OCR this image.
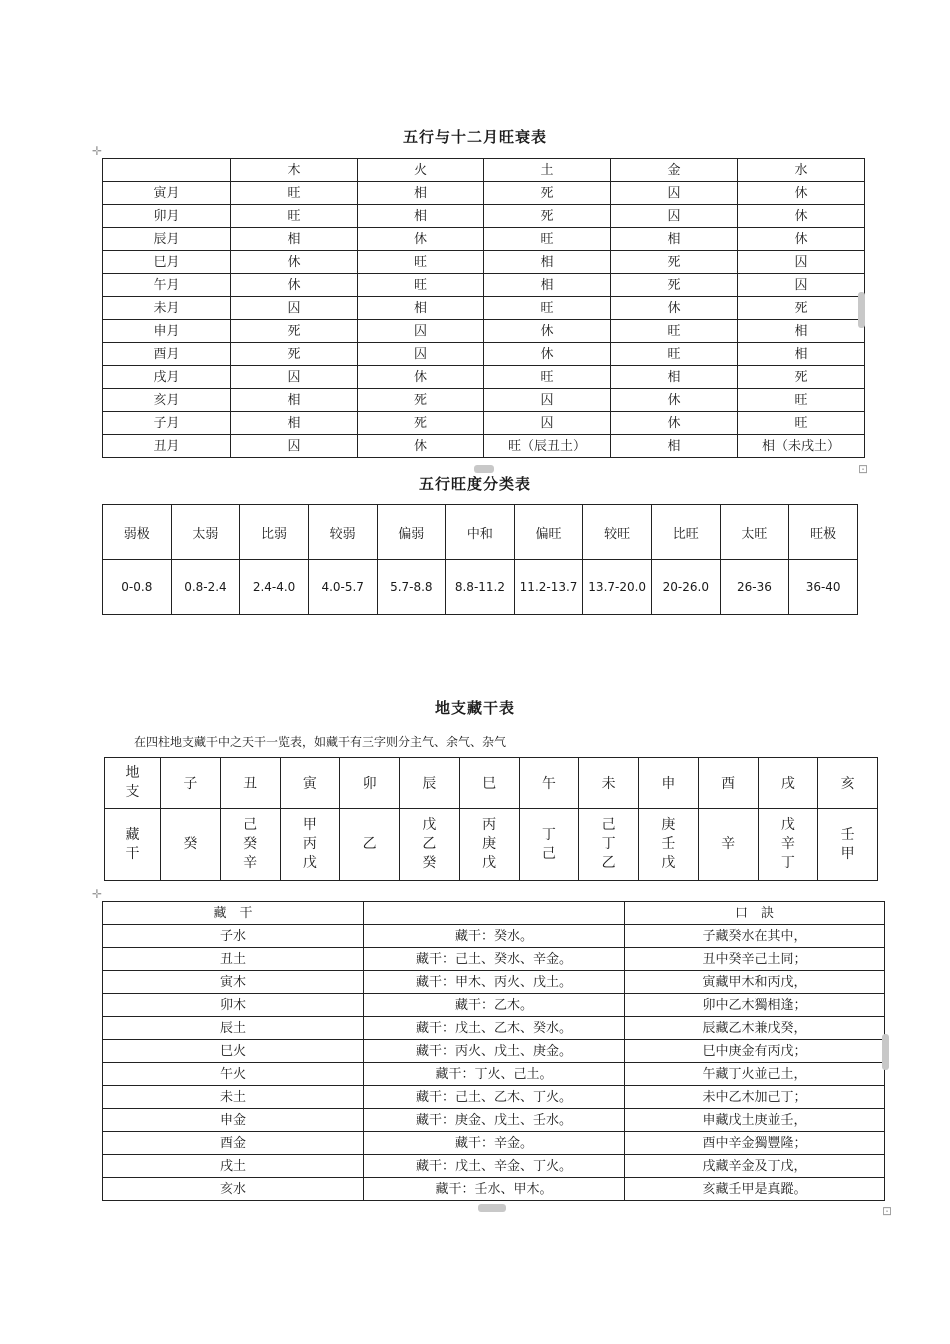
五行与十二月旺衰表
✛
	木	火	土	金	水
寅月	旺	相	死	囚	休
卯月	旺	相	死	囚	休
辰月	相	休	旺	相	休
巳月	休	旺	相	死	囚
午月	休	旺	相	死	囚
未月	囚	相	旺	休	死
申月	死	囚	休	旺	相
酉月	死	囚	休	旺	相
戌月	囚	休	旺	相	死
亥月	相	死	囚	休	旺
子月	相	死	囚	休	旺
丑月	囚	休	旺（辰丑土）	相	相（未戌土）
⊡
五行旺度分类表
弱极	太弱	比弱	较弱	偏弱	中和	偏旺	较旺	比旺	太旺	旺极
0-0.8	0.8-2.4	2.4-4.0	4.0-5.7	5.7-8.8	8.8-11.2	11.2-13.7	13.7-20.0	20-26.0	26-36	36-40
地支藏干表
在四柱地支藏干中之天干一览表，如藏干有三字则分主气、余气、杂气
地支	子	丑	寅	卯	辰	巳	午	未	申	酉	戌	亥
藏干	癸	己癸辛	甲丙戊	乙	戊乙癸	丙庚戊	丁己	己丁乙	庚壬戊	辛	戊辛丁	壬甲
✛
藏　干		口　訣
子水	藏干：癸水。	子藏癸水在其中，
丑土	藏干：己土、癸水、辛金。	丑中癸辛己土同；
寅木	藏干：甲木、丙火、戊土。	寅藏甲木和丙戊，
卯木	藏干：乙木。	卯中乙木獨相逢；
辰土	藏干：戊土、乙木、癸水。	辰藏乙木兼戊癸，
巳火	藏干：丙火、戊土、庚金。	巳中庚金有丙戊；
午火	藏干：丁火、己土。	午藏丁火並己土，
未土	藏干：己土、乙木、丁火。	未中乙木加己丁；
申金	藏干：庚金、戊土、壬水。	申藏戊土庚並壬，
酉金	藏干：辛金。	酉中辛金獨豐隆；
戌土	藏干：戊土、辛金、丁火。	戌藏辛金及丁戊，
亥水	藏干：壬水、甲木。	亥藏壬甲是真蹤。
⊡
